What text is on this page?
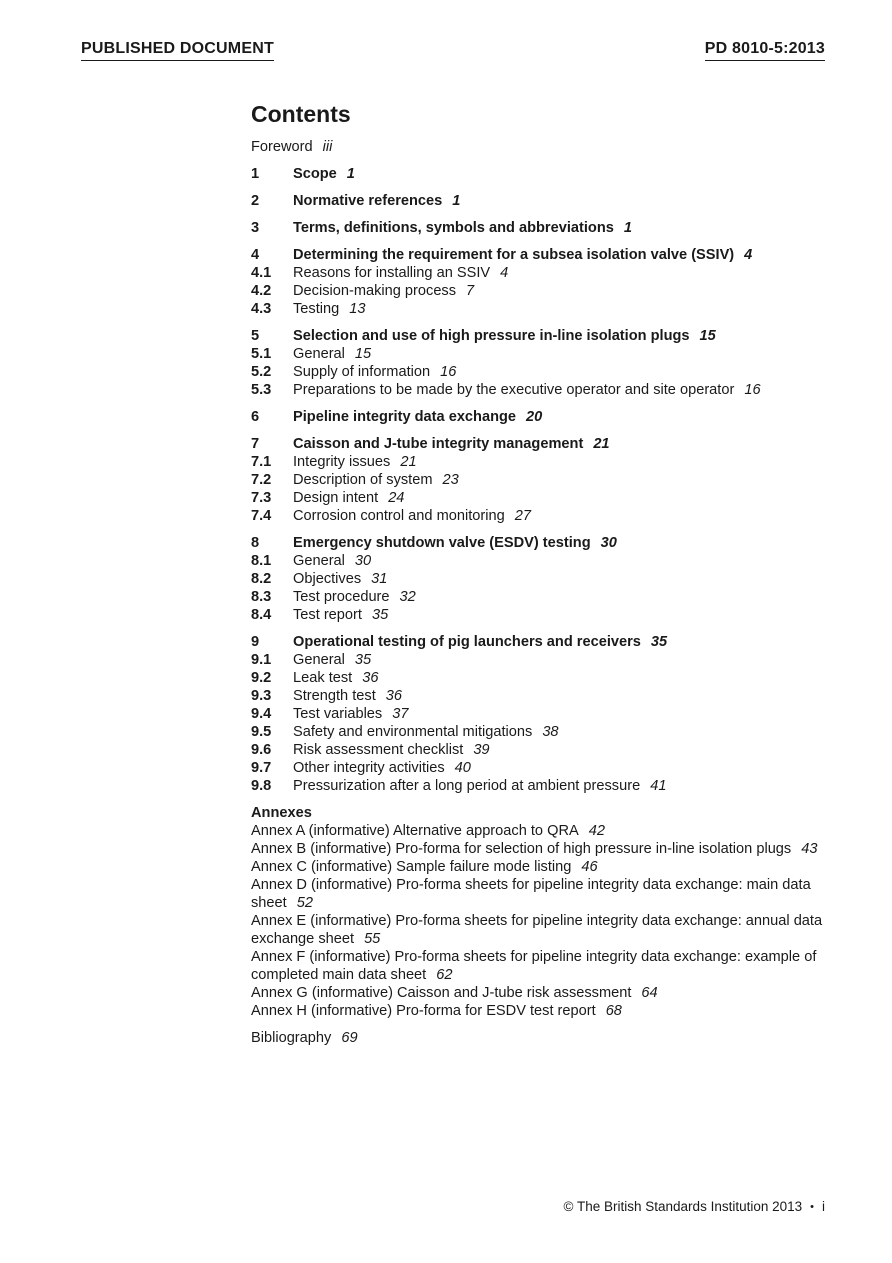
PUBLISHED DOCUMENT	PD 8010-5:2013
Contents
Foreword iii
1	Scope 1
2	Normative references 1
3	Terms, definitions, symbols and abbreviations 1
4	Determining the requirement for a subsea isolation valve (SSIV) 4
4.1	Reasons for installing an SSIV 4
4.2	Decision-making process 7
4.3	Testing 13
5	Selection and use of high pressure in-line isolation plugs 15
5.1	General 15
5.2	Supply of information 16
5.3	Preparations to be made by the executive operator and site operator 16
6	Pipeline integrity data exchange 20
7	Caisson and J-tube integrity management 21
7.1	Integrity issues 21
7.2	Description of system 23
7.3	Design intent 24
7.4	Corrosion control and monitoring 27
8	Emergency shutdown valve (ESDV) testing 30
8.1	General 30
8.2	Objectives 31
8.3	Test procedure 32
8.4	Test report 35
9	Operational testing of pig launchers and receivers 35
9.1	General 35
9.2	Leak test 36
9.3	Strength test 36
9.4	Test variables 37
9.5	Safety and environmental mitigations 38
9.6	Risk assessment checklist 39
9.7	Other integrity activities 40
9.8	Pressurization after a long period at ambient pressure 41
Annexes
Annex A (informative) Alternative approach to QRA 42
Annex B (informative) Pro-forma for selection of high pressure in-line isolation plugs 43
Annex C (informative) Sample failure mode listing 46
Annex D (informative) Pro-forma sheets for pipeline integrity data exchange: main data sheet 52
Annex E (informative) Pro-forma sheets for pipeline integrity data exchange: annual data exchange sheet 55
Annex F (informative) Pro-forma sheets for pipeline integrity data exchange: example of completed main data sheet 62
Annex G (informative) Caisson and J-tube risk assessment 64
Annex H (informative) Pro-forma for ESDV test report 68
Bibliography 69
© The British Standards Institution 2013 • i
